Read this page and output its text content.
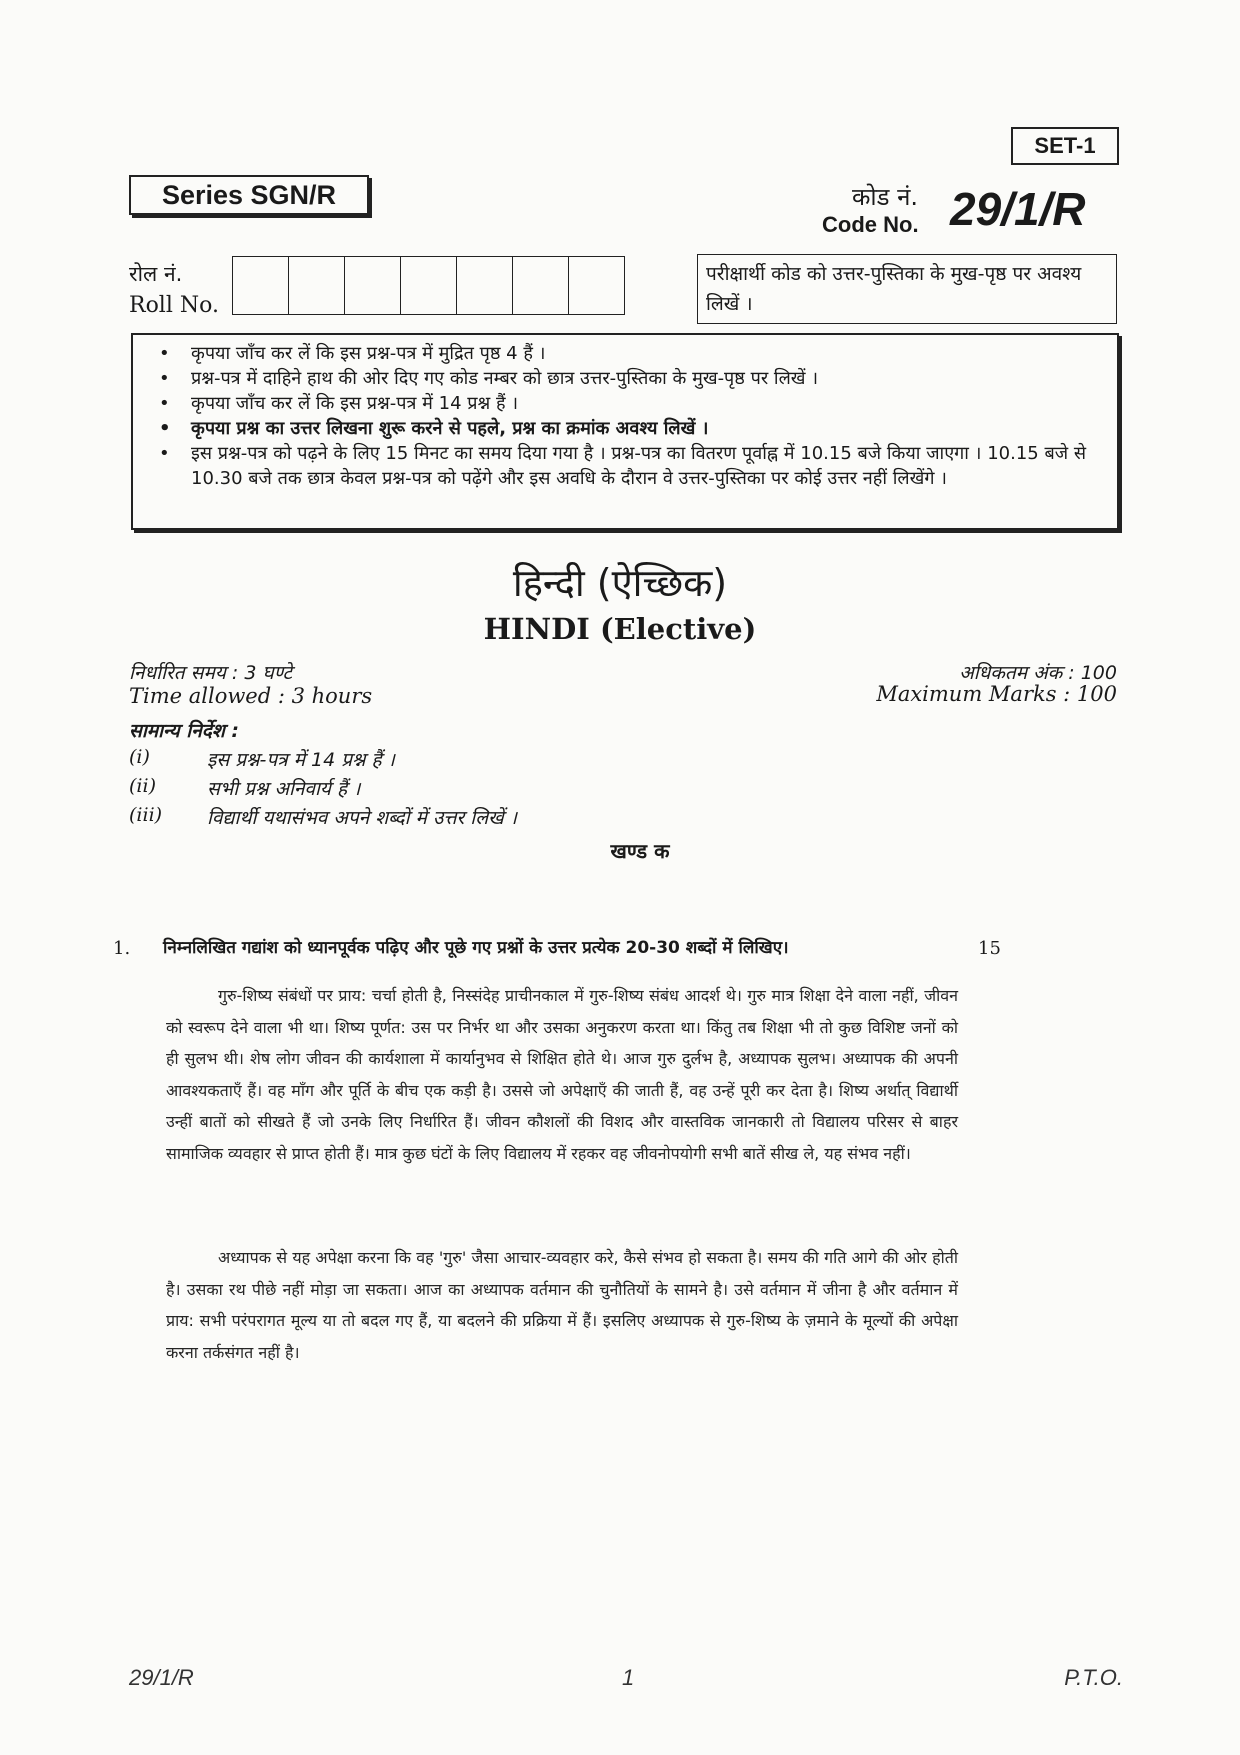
SET-1
Series SGN/R	कोड नं.
Code No. 29/1/R
रोल नं.
Roll No.
परीक्षार्थी कोड को उत्तर-पुस्तिका के मुख-पृष्ठ पर अवश्य लिखें ।
• कृपया जाँच कर लें कि इस प्रश्न-पत्र में मुद्रित पृष्ठ 4 हैं ।
• प्रश्न-पत्र में दाहिने हाथ की ओर दिए गए कोड नम्बर को छात्र उत्तर-पुस्तिका के मुख-पृष्ठ पर लिखें ।
• कृपया जाँच कर लें कि इस प्रश्न-पत्र में 14 प्रश्न हैं ।
• कृपया प्रश्न का उत्तर लिखना शुरू करने से पहले, प्रश्न का क्रमांक अवश्य लिखें ।
• इस प्रश्न-पत्र को पढ़ने के लिए 15 मिनट का समय दिया गया है । प्रश्न-पत्र का वितरण पूर्वाह्न में 10.15 बजे किया जाएगा । 10.15 बजे से 10.30 बजे तक छात्र केवल प्रश्न-पत्र को पढ़ेंगे और इस अवधि के दौरान वे उत्तर-पुस्तिका पर कोई उत्तर नहीं लिखेंगे ।
हिन्दी (ऐच्छिक)
HINDI (Elective)
निर्धारित समय : 3 घण्टे
Time allowed : 3 hours
अधिकतम अंक : 100
Maximum Marks : 100
सामान्य निर्देश :
(i)	इस प्रश्न-पत्र में 14 प्रश्न हैं ।
(ii)	सभी प्रश्न अनिवार्य हैं ।
(iii)	विद्यार्थी यथासंभव अपने शब्दों में उत्तर लिखें ।
खण्ड क
1. निम्नलिखित गद्यांश को ध्यानपूर्वक पढ़िए और पूछे गए प्रश्नों के उत्तर प्रत्येक 20-30 शब्दों में लिखिए।	15

गुरु-शिष्य संबंधों पर प्राय: चर्चा होती है, निस्संदेह प्राचीनकाल में गुरु-शिष्य संबंध आदर्श थे। गुरु मात्र शिक्षा देने वाला नहीं, जीवन को स्वरूप देने वाला भी था। शिष्य पूर्णत: उस पर निर्भर था और उसका अनुकरण करता था। किंतु तब शिक्षा भी तो कुछ विशिष्ट जनों को ही सुलभ थी। शेष लोग जीवन की कार्यशाला में कार्यानुभव से शिक्षित होते थे। आज गुरु दुर्लभ है, अध्यापक सुलभ। अध्यापक की अपनी आवश्यकताएँ हैं। वह माँग और पूर्ति के बीच एक कड़ी है। उससे जो अपेक्षाएँ की जाती हैं, वह उन्हें पूरी कर देता है। शिष्य अर्थात् विद्यार्थी उन्हीं बातों को सीखते हैं जो उनके लिए निर्धारित हैं। जीवन कौशलों की विशद और वास्तविक जानकारी तो विद्यालय परिसर से बाहर सामाजिक व्यवहार से प्राप्त होती हैं। मात्र कुछ घंटों के लिए विद्यालय में रहकर वह जीवनोपयोगी सभी बातें सीख ले, यह संभव नहीं।

अध्यापक से यह अपेक्षा करना कि वह 'गुरु' जैसा आचार-व्यवहार करे, कैसे संभव हो सकता है। समय की गति आगे की ओर होती है। उसका रथ पीछे नहीं मोड़ा जा सकता। आज का अध्यापक वर्तमान की चुनौतियों के सामने है। उसे वर्तमान में जीना है और वर्तमान में प्राय: सभी परंपरागत मूल्य या तो बदल गए हैं, या बदलने की प्रक्रिया में हैं। इसलिए अध्यापक से गुरु-शिष्य के ज़माने के मूल्यों की अपेक्षा करना तर्कसंगत नहीं है।

29/1/R	1	P.T.O.
